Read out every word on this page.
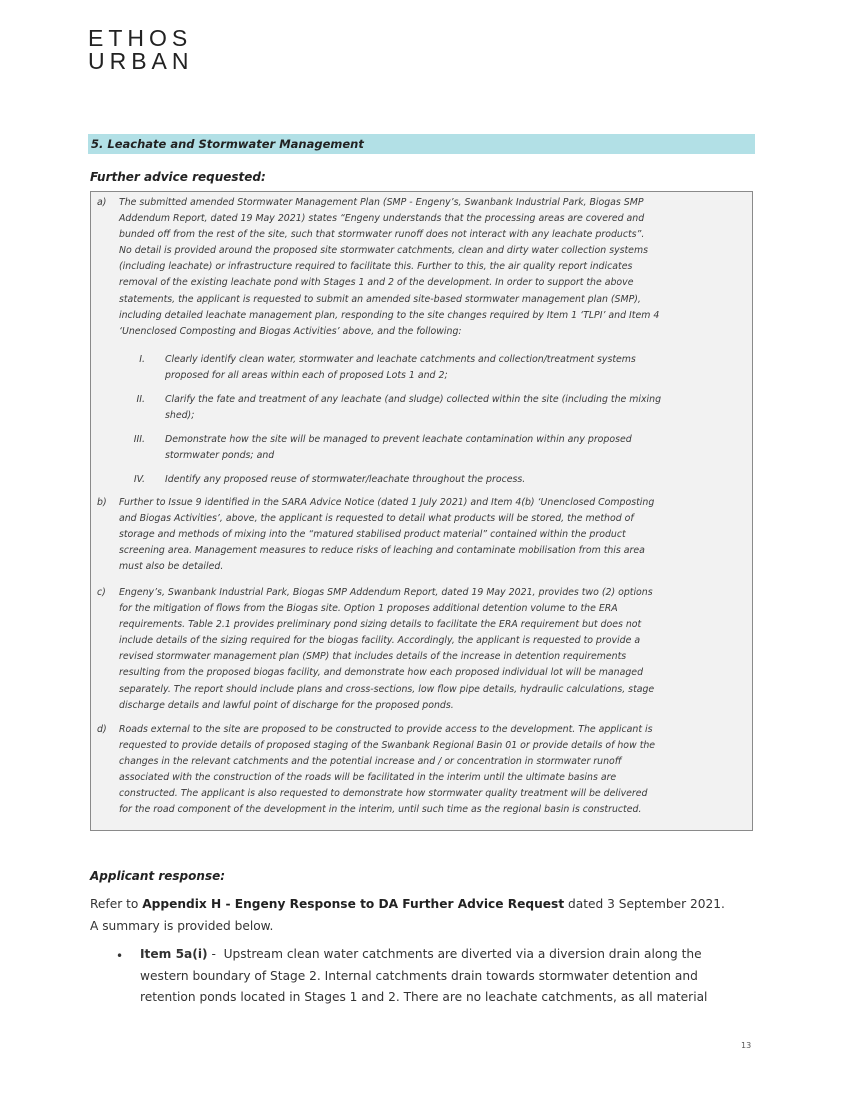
ETHOS
URBAN
5. Leachate and Stormwater Management
Further advice requested:
a) The submitted amended Stormwater Management Plan (SMP - Engeny’s, Swanbank Industrial Park, Biogas SMP
Addendum Report, dated 19 May 2021) states “Engeny understands that the processing areas are covered and
bunded off from the rest of the site, such that stormwater runoff does not interact with any leachate products”.
No detail is provided around the proposed site stormwater catchments, clean and dirty water collection systems
(including leachate) or infrastructure required to facilitate this. Further to this, the air quality report indicates
removal of the existing leachate pond with Stages 1 and 2 of the development. In order to support the above
statements, the applicant is requested to submit an amended site-based stormwater management plan (SMP),
including detailed leachate management plan, responding to the site changes required by Item 1 ‘TLPI’ and Item 4
‘Unenclosed Composting and Biogas Activities’ above, and the following:
I. Clearly identify clean water, stormwater and leachate catchments and collection/treatment systems
proposed for all areas within each of proposed Lots 1 and 2;
II. Clarify the fate and treatment of any leachate (and sludge) collected within the site (including the mixing
shed);
III. Demonstrate how the site will be managed to prevent leachate contamination within any proposed
stormwater ponds; and
IV. Identify any proposed reuse of stormwater/leachate throughout the process.
b) Further to Issue 9 identified in the SARA Advice Notice (dated 1 July 2021) and Item 4(b) ‘Unenclosed Composting
and Biogas Activities’, above, the applicant is requested to detail what products will be stored, the method of
storage and methods of mixing into the “matured stabilised product material” contained within the product
screening area. Management measures to reduce risks of leaching and contaminate mobilisation from this area
must also be detailed.
c) Engeny’s, Swanbank Industrial Park, Biogas SMP Addendum Report, dated 19 May 2021, provides two (2) options
for the mitigation of flows from the Biogas site. Option 1 proposes additional detention volume to the ERA
requirements. Table 2.1 provides preliminary pond sizing details to facilitate the ERA requirement but does not
include details of the sizing required for the biogas facility. Accordingly, the applicant is requested to provide a
revised stormwater management plan (SMP) that includes details of the increase in detention requirements
resulting from the proposed biogas facility, and demonstrate how each proposed individual lot will be managed
separately. The report should include plans and cross-sections, low flow pipe details, hydraulic calculations, stage
discharge details and lawful point of discharge for the proposed ponds.
d) Roads external to the site are proposed to be constructed to provide access to the development. The applicant is
requested to provide details of proposed staging of the Swanbank Regional Basin 01 or provide details of how the
changes in the relevant catchments and the potential increase and / or concentration in stormwater runoff
associated with the construction of the roads will be facilitated in the interim until the ultimate basins are
constructed. The applicant is also requested to demonstrate how stormwater quality treatment will be delivered
for the road component of the development in the interim, until such time as the regional basin is constructed.
Applicant response:
Refer to Appendix H - Engeny Response to DA Further Advice Request dated 3 September 2021.
A summary is provided below.
•	Item 5a(i) -  Upstream clean water catchments are diverted via a diversion drain along the
western boundary of Stage 2. Internal catchments drain towards stormwater detention and
retention ponds located in Stages 1 and 2. There are no leachate catchments, as all material
13
